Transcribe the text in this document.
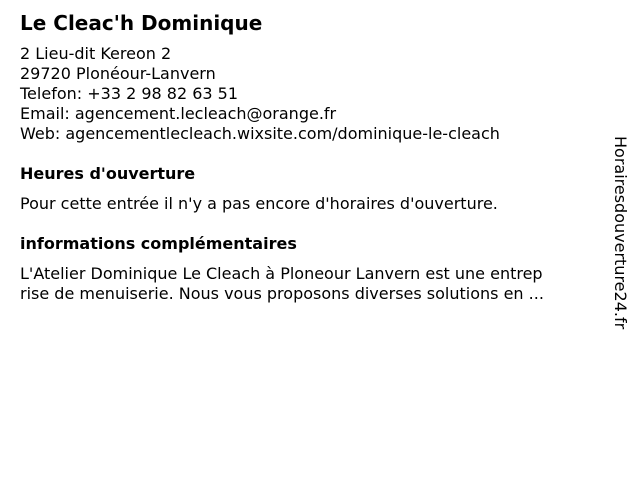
Le Cleac'h Dominique
2 Lieu-dit Kereon 2
29720 Plonéour-Lanvern
Telefon: +33 2 98 82 63 51
Email: agencement.lecleach@orange.fr
Web: agencementlecleach.wixsite.com/dominique-le-cleach
Heures d'ouverture
Pour cette entrée il n'y a pas encore d'horaires d'ouverture.
informations complémentaires
L'Atelier Dominique Le Cleach à Ploneour Lanvern est une entrep
rise de menuiserie. Nous vous proposons diverses solutions en ...	Horairesdouverture24.fr
